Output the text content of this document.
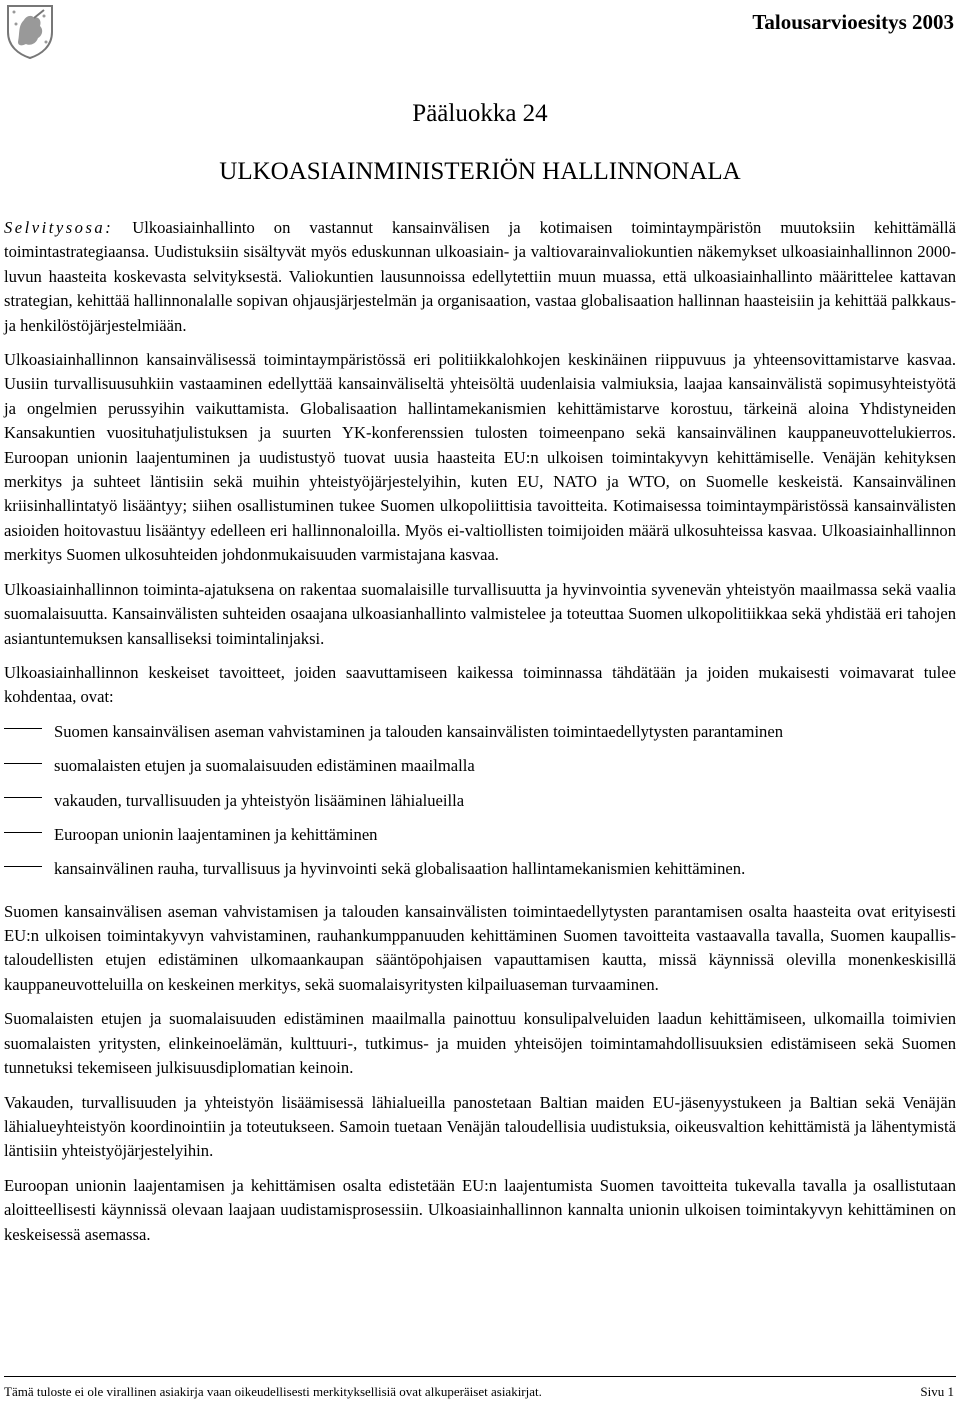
Talousarvioesitys 2003
Pääluokka 24
ULKOASIAINMINISTERIÖN HALLINNONALA

Selvitysosa: Ulkoasiainhallinto on vastannut kansainvälisen ja kotimaisen toimintaympäristön muutoksiin kehittämällä toimintastrategiaansa. Uudistuksiin sisältyvät myös eduskunnan ulkoasiain- ja valtiovarainvaliokuntien näkemykset ulkoasiainhallinnon 2000-luvun haasteita koskevasta selvityksestä. Valiokuntien lausunnoissa edellytettiin muun muassa, että ulkoasiainhallinto määrittelee kattavan strategian, kehittää hallinnonalalle sopivan ohjausjärjestelmän ja organisaation, vastaa globalisaation hallinnan haasteisiin ja kehittää palkkaus- ja henkilöstöjärjestelmiään.

Ulkoasiainhallinnon kansainvälisessä toimintaympäristössä eri politiikkalohkojen keskinäinen riippuvuus ja yhteensovittamistarve kasvaa. Uusiin turvallisuusuhkiin vastaaminen edellyttää kansainväliseltä yhteisöltä uudenlaisia valmiuksia, laajaa kansainvälistä sopimusyhteistyötä ja ongelmien perussyihin vaikuttamista. Globalisaation hallintamekanismien kehittämistarve korostuu, tärkeinä aloina Yhdistyneiden Kansakuntien vuosituhatjulistuksen ja suurten YK-konferenssien tulosten toimeenpano sekä kansainvälinen kauppaneuvottelukierros. Euroopan unionin laajentuminen ja uudistustyö tuovat uusia haasteita EU:n ulkoisen toimintakyvyn kehittämiselle. Venäjän kehityksen merkitys ja suhteet läntisiin sekä muihin yhteistyöjärjestelyihin, kuten EU, NATO ja WTO, on Suomelle keskeistä. Kansainvälinen kriisinhallintatyö lisääntyy; siihen osallistuminen tukee Suomen ulkopoliittisia tavoitteita. Kotimaisessa toimintaympäristössä kansainvälisten asioiden hoitovastuu lisääntyy edelleen eri hallinnonaloilla. Myös ei-valtiollisten toimijoiden määrä ulkosuhteissa kasvaa. Ulkoasiainhallinnon merkitys Suomen ulkosuhteiden johdonmukaisuuden varmistajana kasvaa.

Ulkoasiainhallinnon toiminta-ajatuksena on rakentaa suomalaisille turvallisuutta ja hyvinvointia syvenevän yhteistyön maailmassa sekä vaalia suomalaisuutta. Kansainvälisten suhteiden osaajana ulkoasianhallinto valmistelee ja toteuttaa Suomen ulkopolitiikkaa sekä yhdistää eri tahojen asiantuntemuksen kansalliseksi toimintalinjaksi.

Ulkoasiainhallinnon keskeiset tavoitteet, joiden saavuttamiseen kaikessa toiminnassa tähdätään ja joiden mukaisesti voimavarat tulee kohdentaa, ovat:

Suomen kansainvälisen aseman vahvistaminen ja talouden kansainvälisten toimintaedellytysten parantaminen
suomalaisten etujen ja suomalaisuuden edistäminen maailmalla
vakauden, turvallisuuden ja yhteistyön lisääminen lähialueilla
Euroopan unionin laajentaminen ja kehittäminen
kansainvälinen rauha, turvallisuus ja hyvinvointi sekä globalisaation hallintamekanismien kehittäminen.

Suomen kansainvälisen aseman vahvistamisen ja talouden kansainvälisten toimintaedellytysten parantamisen osalta haasteita ovat erityisesti EU:n ulkoisen toimintakyvyn vahvistaminen, rauhankumppanuuden kehittäminen Suomen tavoitteita vastaavalla tavalla, Suomen kaupallis-taloudellisten etujen edistäminen ulkomaankaupan sääntöpohjaisen vapauttamisen kautta, missä käynnissä olevilla monenkeskisillä kauppaneuvotteluilla on keskeinen merkitys, sekä suomalaisyritysten kilpailuaseman turvaaminen.

Suomalaisten etujen ja suomalaisuuden edistäminen maailmalla painottuu konsulipalveluiden laadun kehittämiseen, ulkomailla toimivien suomalaisten yritysten, elinkeinoelämän, kulttuuri-, tutkimus- ja muiden yhteisöjen toimintamahdollisuuksien edistämiseen sekä Suomen tunnetuksi tekemiseen julkisuusdiplomatian keinoin.

Vakauden, turvallisuuden ja yhteistyön lisäämisessä lähialueilla panostetaan Baltian maiden EU-jäsenyystukeen ja Baltian sekä Venäjän lähialueyhteistyön koordinointiin ja toteutukseen. Samoin tuetaan Venäjän taloudellisia uudistuksia, oikeusvaltion kehittämistä ja lähentymistä läntisiin yhteistyöjärjestelyihin.

Euroopan unionin laajentamisen ja kehittämisen osalta edistetään EU:n laajentumista Suomen tavoitteita tukevalla tavalla ja osallistutaan aloitteellisesti käynnissä olevaan laajaan uudistamisprosessiin. Ulkoasiainhallinnon kannalta unionin ulkoisen toimintakyvyn kehittäminen on keskeisessä asemassa.

Tämä tuloste ei ole virallinen asiakirja vaan oikeudellisesti merkityksellisiä ovat alkuperäiset asiakirjat.	Sivu 1
